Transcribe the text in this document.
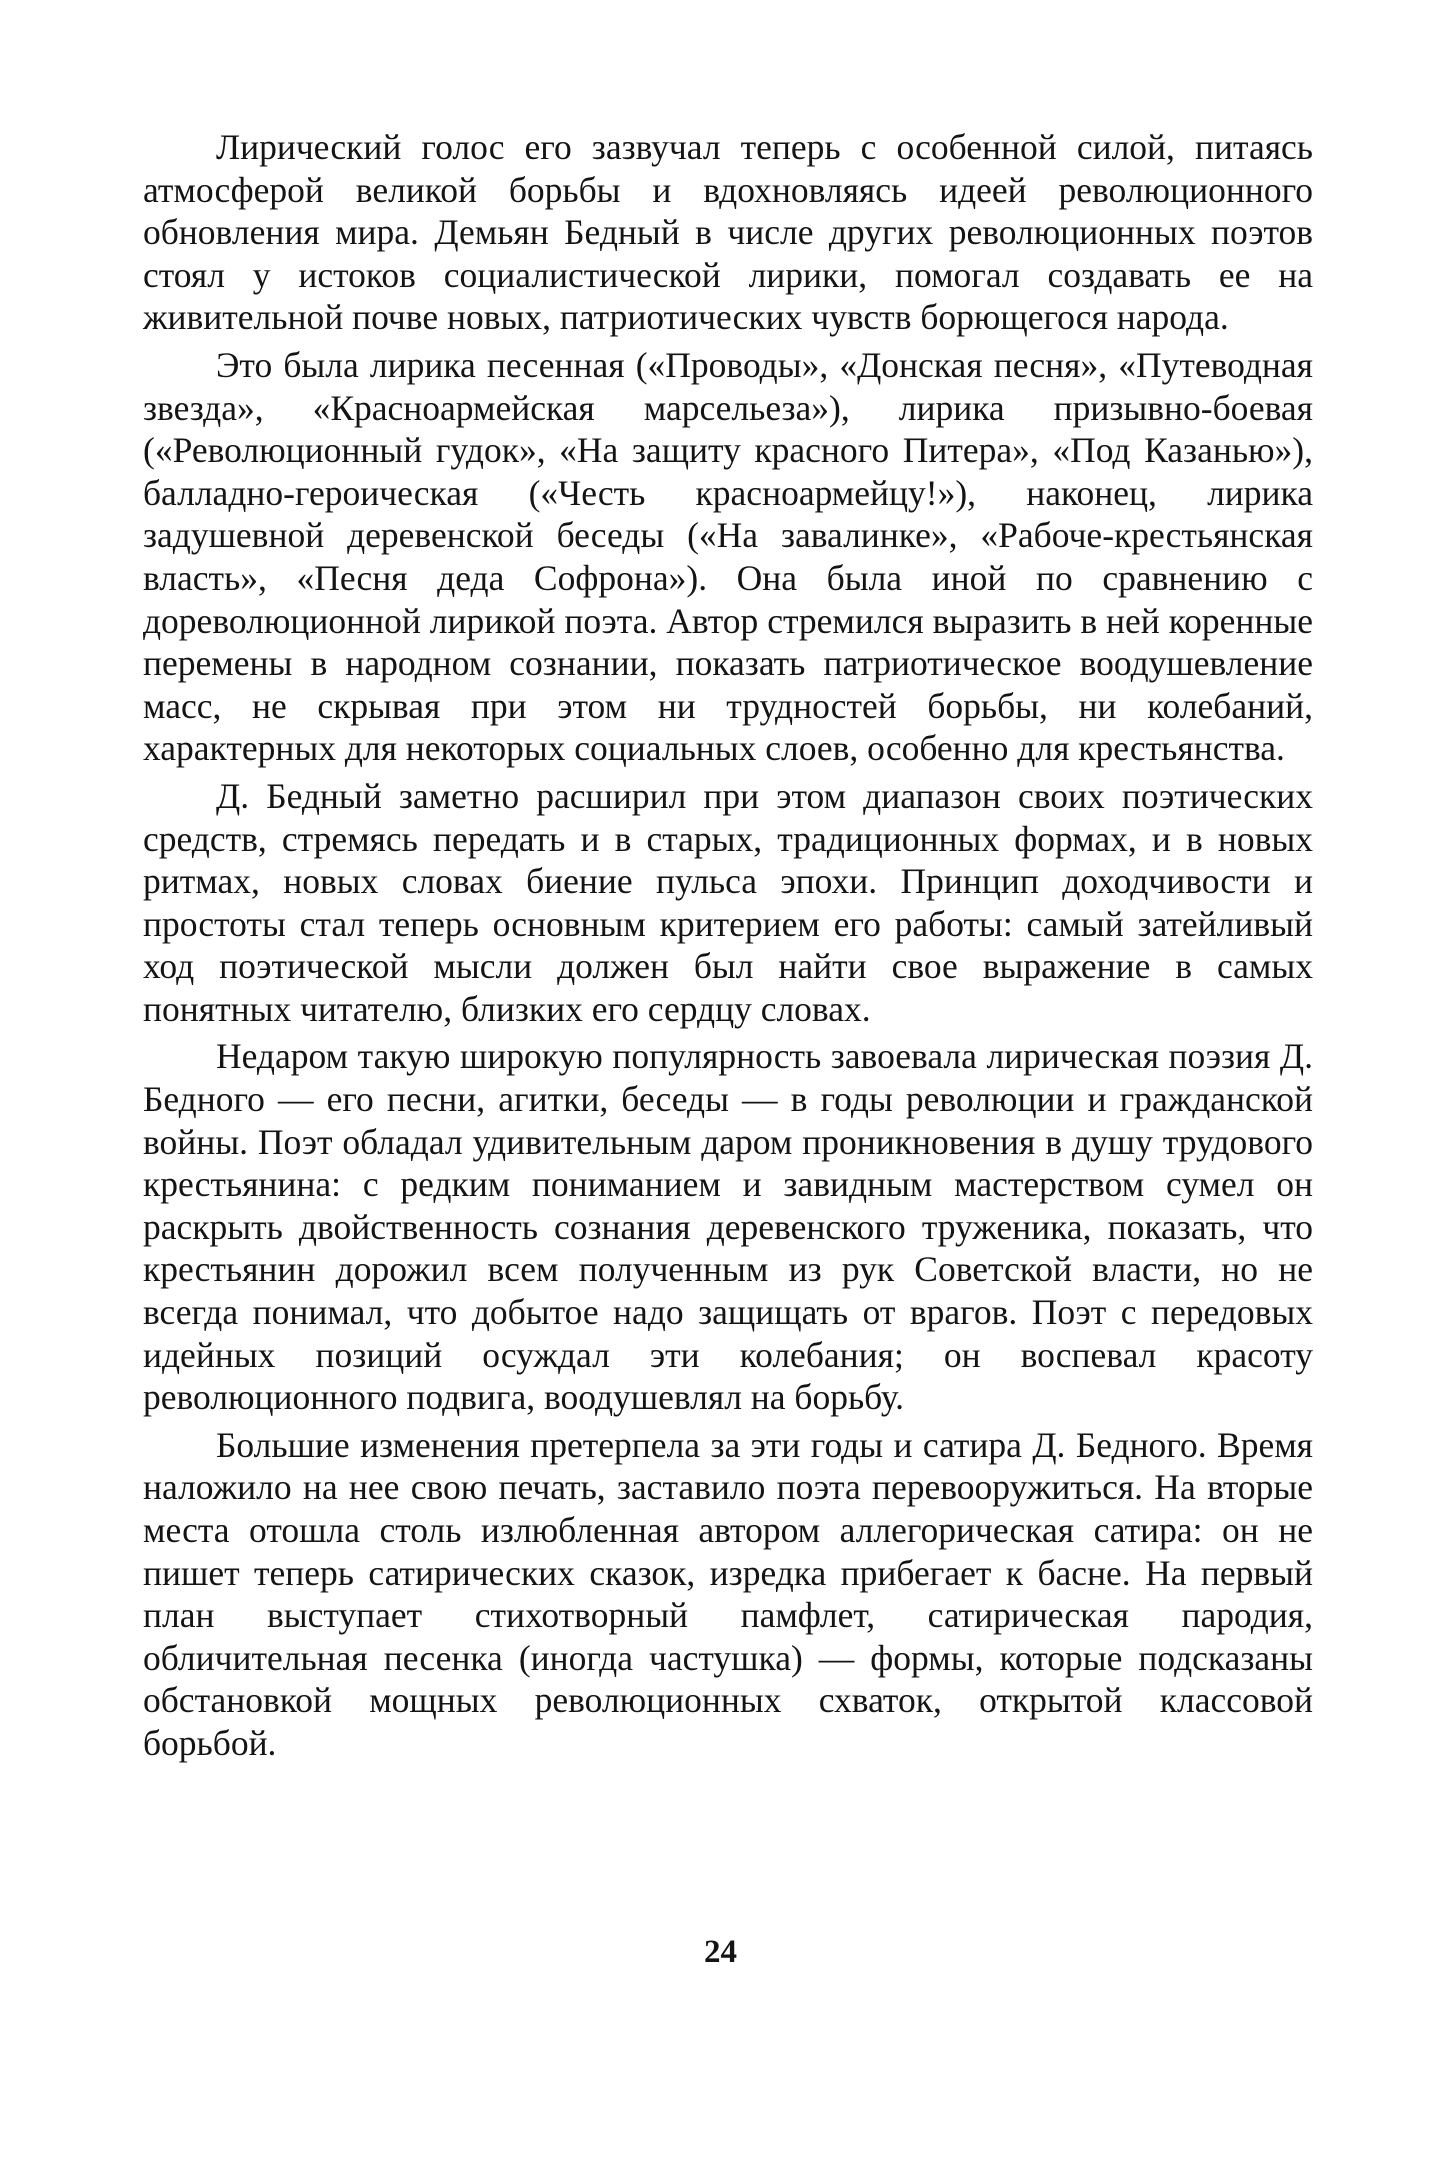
Лирический голос его зазвучал теперь с особенной силой, питаясь атмосферой великой борьбы и вдохновляясь идеей революционного обновления мира. Демьян Бедный в числе других революционных поэтов стоял у истоков социалистической лирики, помогал создавать ее на живительной почве новых, патриотических чувств борющегося народа.

Это была лирика песенная («Проводы», «Донская песня», «Путеводная звезда», «Красноармейская марсельеза»), лирика призывно-боевая («Революционный гудок», «На защиту красного Питера», «Под Казанью»), балладно-героическая («Честь красноармейцу!»), наконец, лирика задушевной деревенской беседы («На завалинке», «Рабоче-крестьянская власть», «Песня деда Софрона»). Она была иной по сравнению с дореволюционной лирикой поэта. Автор стремился выразить в ней коренные перемены в народном сознании, показать патриотическое воодушевление масс, не скрывая при этом ни трудностей борьбы, ни колебаний, характерных для некоторых социальных слоев, особенно для крестьянства.

Д. Бедный заметно расширил при этом диапазон своих поэтических средств, стремясь передать и в старых, традиционных формах, и в новых ритмах, новых словах биение пульса эпохи. Принцип доходчивости и простоты стал теперь основным критерием его работы: самый затейливый ход поэтической мысли должен был найти свое выражение в самых понятных читателю, близких его сердцу словах.

Недаром такую широкую популярность завоевала лирическая поэзия Д. Бедного — его песни, агитки, беседы — в годы революции и гражданской войны. Поэт обладал удивительным даром проникновения в душу трудового крестьянина: с редким пониманием и завидным мастерством сумел он раскрыть двойственность сознания деревенского труженика, показать, что крестьянин дорожил всем полученным из рук Советской власти, но не всегда понимал, что добытое надо защищать от врагов. Поэт с передовых идейных позиций осуждал эти колебания; он воспевал красоту революционного подвига, воодушевлял на борьбу.

Большие изменения претерпела за эти годы и сатира Д. Бедного. Время наложило на нее свою печать, заставило поэта перевооружиться. На вторые места отошла столь излюбленная автором аллегорическая сатира: он не пишет теперь сатирических сказок, изредка прибегает к басне. На первый план выступает стихотворный памфлет, сатирическая пародия, обличительная песенка (иногда частушка) — формы, которые подсказаны обстановкой мощных революционных схваток, открытой классовой борьбой.

24
